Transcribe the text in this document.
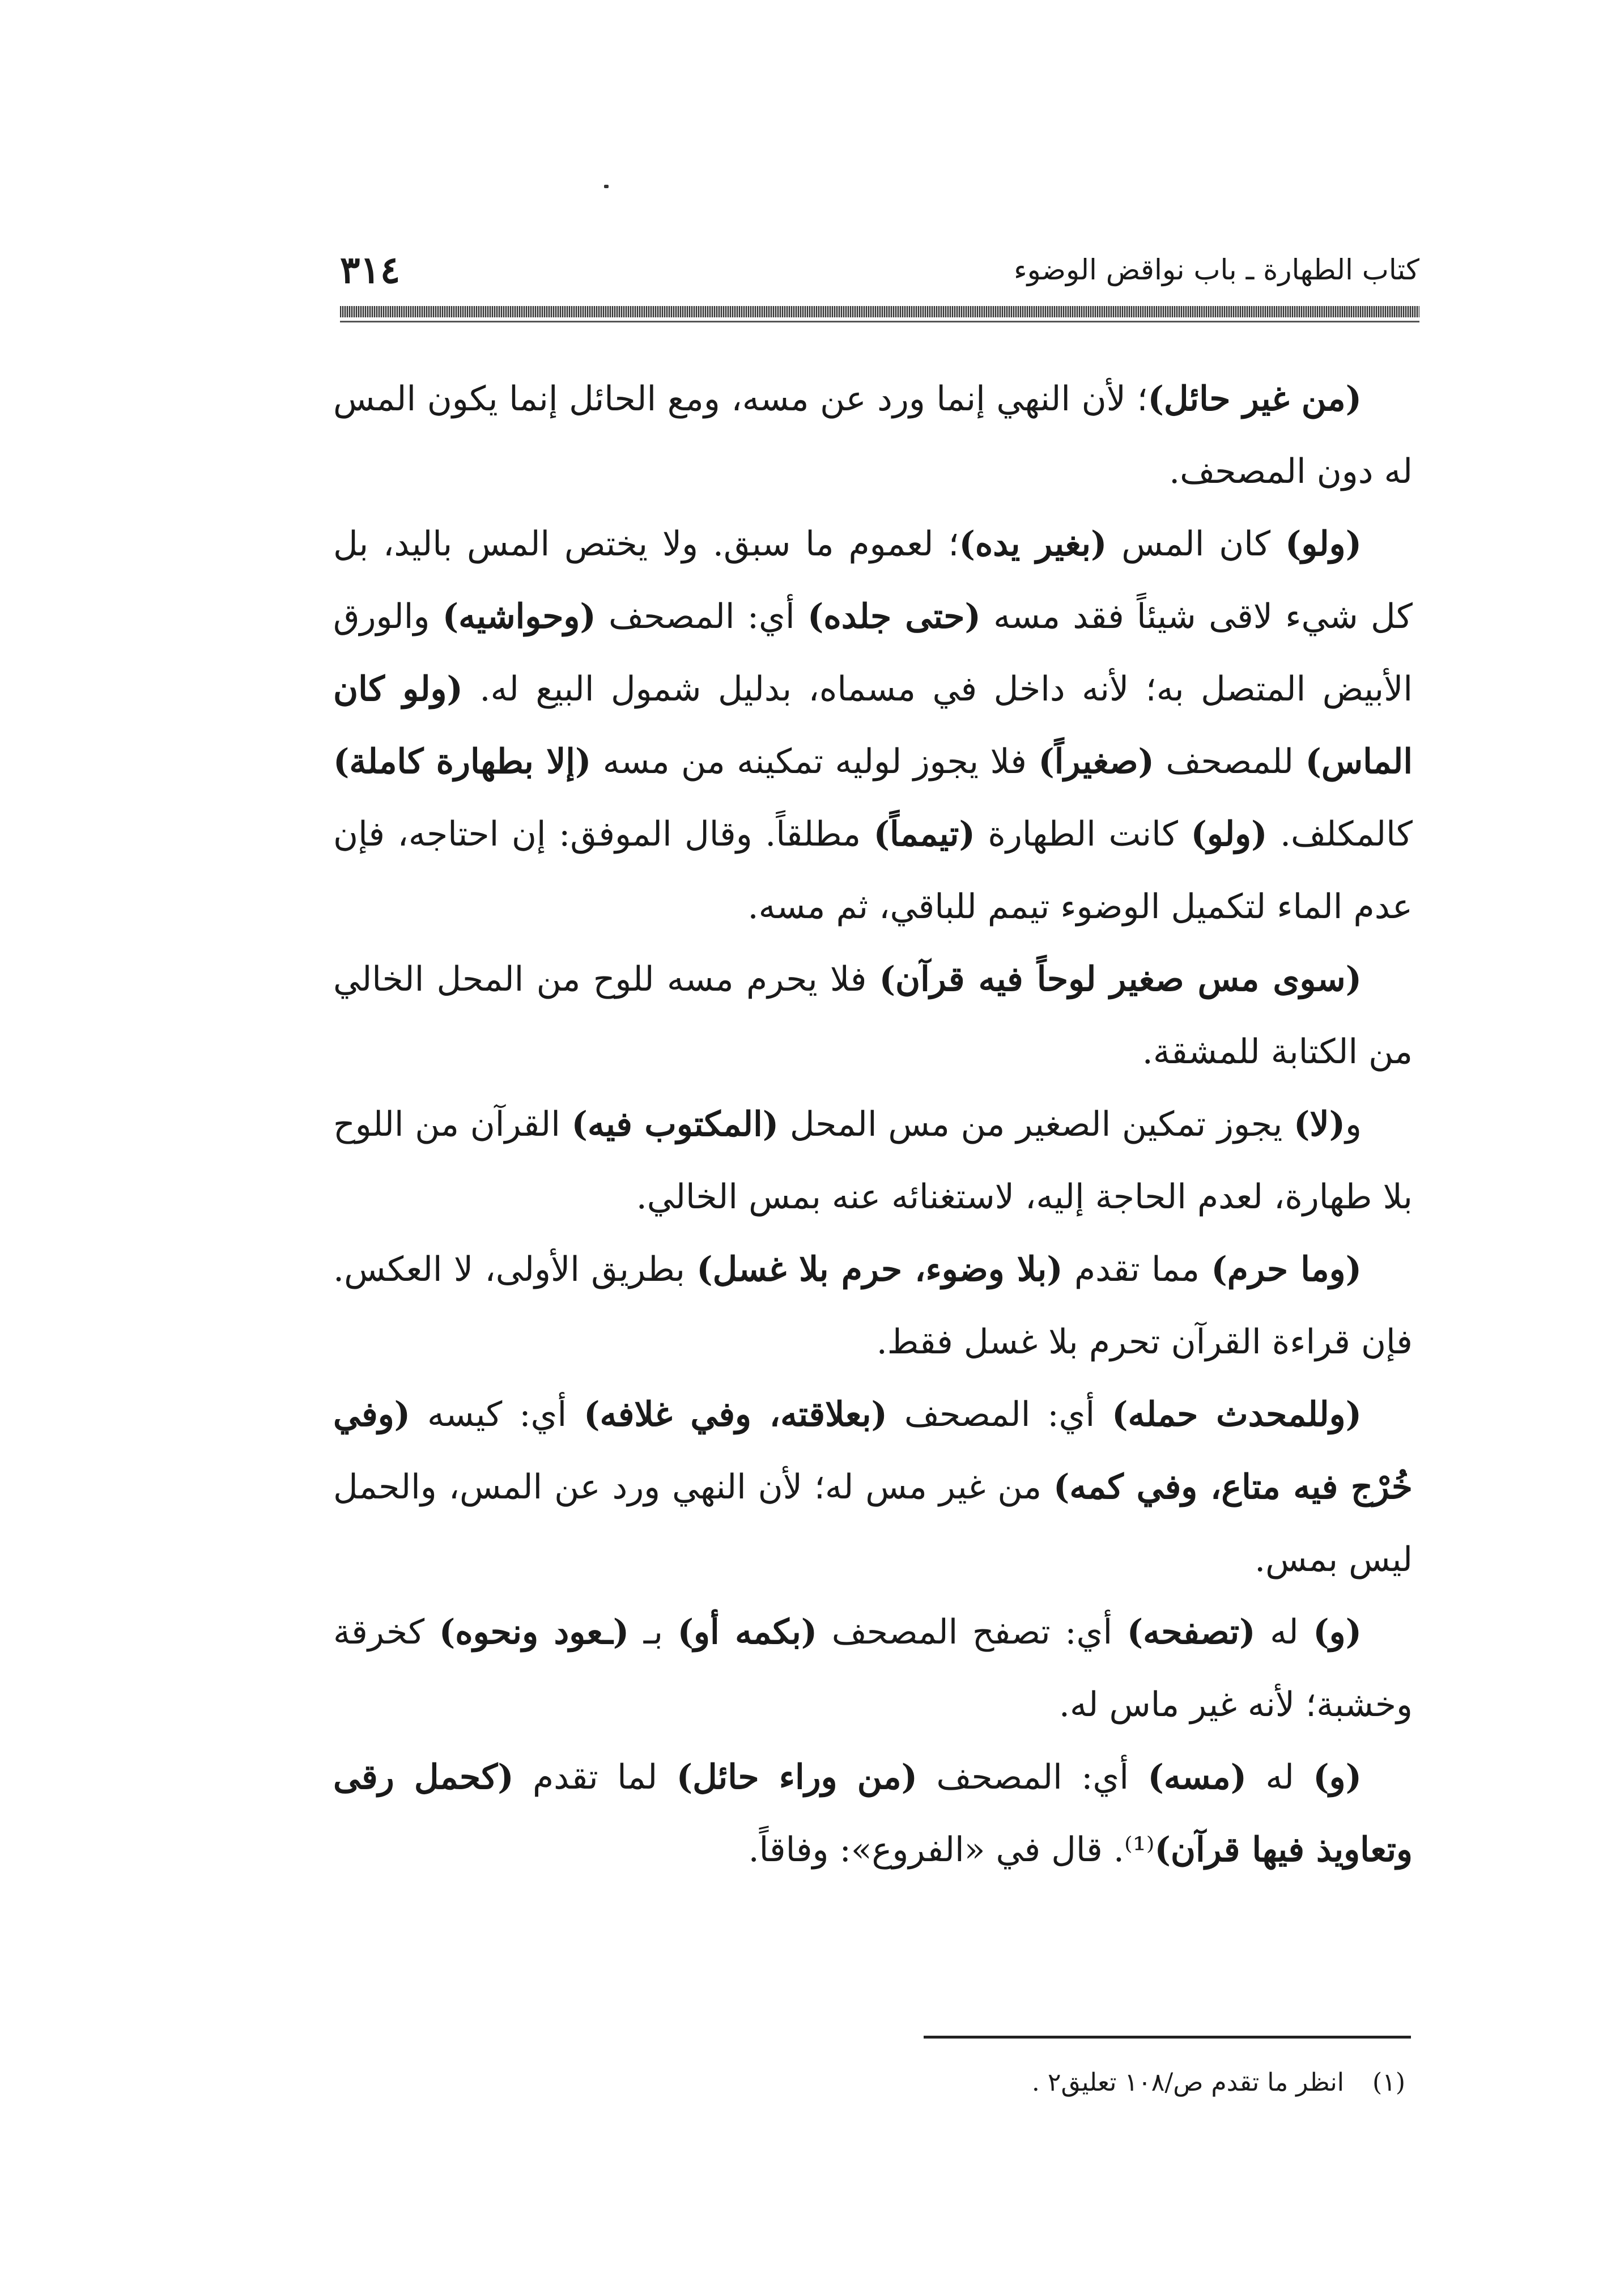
كتاب الطهارة ـ باب نواقض الوضوء
٣١٤

(من غير حائل)؛ لأن النهي إنما ورد عن مسه، ومع الحائل إنما يكون المس له دون المصحف.

(ولو) كان المس (بغير يده)؛ لعموم ما سبق. ولا يختص المس باليد، بل كل شيء لاقى شيئاً فقد مسه (حتى جلده) أي: المصحف (وحواشيه) والورق الأبيض المتصل به؛ لأنه داخل في مسماه، بدليل شمول البيع له. (ولو كان الماس) للمصحف (صغيراً) فلا يجوز لوليه تمكينه من مسه (إلا بطهارة كاملة) كالمكلف. (ولو) كانت الطهارة (تيمماً) مطلقاً. وقال الموفق: إن احتاجه، فإن عدم الماء لتكميل الوضوء تيمم للباقي، ثم مسه.

(سوى مس صغير لوحاً فيه قرآن) فلا يحرم مسه للوح من المحل الخالي من الكتابة للمشقة.

و(لا) يجوز تمكين الصغير من مس المحل (المكتوب فيه) القرآن من اللوح بلا طهارة، لعدم الحاجة إليه، لاستغنائه عنه بمس الخالي.

(وما حرم) مما تقدم (بلا وضوء، حرم بلا غسل) بطريق الأولى، لا العكس. فإن قراءة القرآن تحرم بلا غسل فقط.

(وللمحدث حمله) أي: المصحف (بعلاقته، وفي غلافه) أي: كيسه (وفي خُرْج فيه متاع، وفي كمه) من غير مس له؛ لأن النهي ورد عن المس، والحمل ليس بمس.

(و) له (تصفحه) أي: تصفح المصحف (بكمه أو) بـ (ـعود ونحوه) كخرقة وخشبة؛ لأنه غير ماس له.

(و) له (مسه) أي: المصحف (من وراء حائل) لما تقدم (كحمل رقى وتعاويذ فيها قرآن)⁽¹⁾. قال في «الفروع»: وفاقاً.

(١)انظر ما تقدم ص/١٠٨ تعليق٢ .
